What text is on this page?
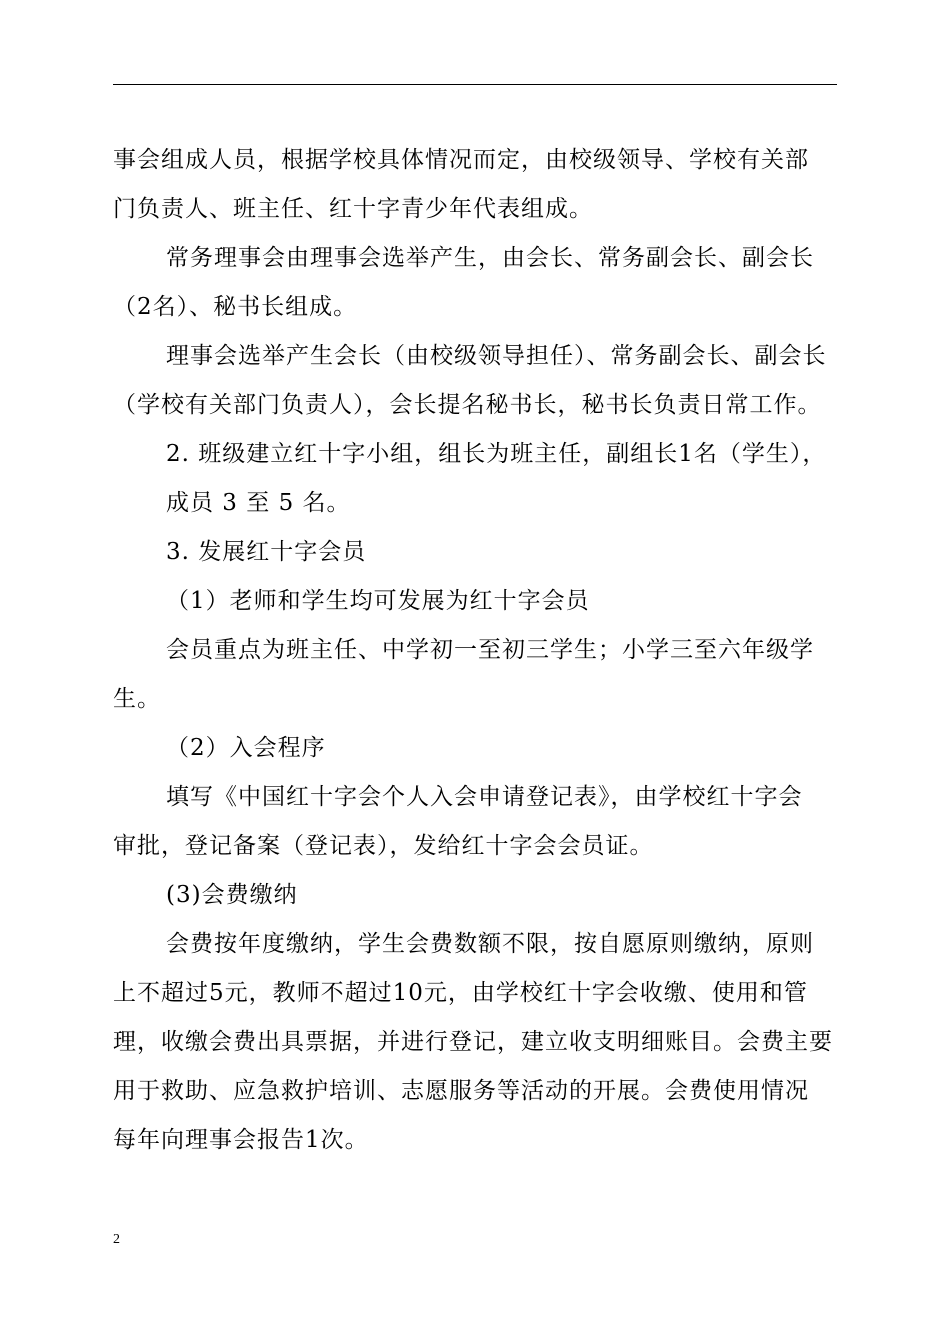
事会组成人员，根据学校具体情况而定，由校级领导、学校有关部

门负责人、班主任、红十字青少年代表组成。

常务理事会由理事会选举产生，由会长、常务副会长、副会长

（2名）、秘书长组成。

理事会选举产生会长（由校级领导担任）、常务副会长、副会长

（学校有关部门负责人），会长提名秘书长，秘书长负责日常工作。

2. 班级建立红十字小组，组长为班主任，副组长1名（学生），

成员 3 至 5 名。

3. 发展红十字会员

（1）老师和学生均可发展为红十字会员

会员重点为班主任、中学初一至初三学生；小学三至六年级学

生。

（2）入会程序

填写《中国红十字会个人入会申请登记表》，由学校红十字会

审批，登记备案（登记表），发给红十字会会员证。

(3)会费缴纳

会费按年度缴纳，学生会费数额不限，按自愿原则缴纳，原则

上不超过5元，教师不超过10元，由学校红十字会收缴、使用和管

理，收缴会费出具票据，并进行登记，建立收支明细账目。会费主要

用于救助、应急救护培训、志愿服务等活动的开展。会费使用情况

每年向理事会报告1次。

2
